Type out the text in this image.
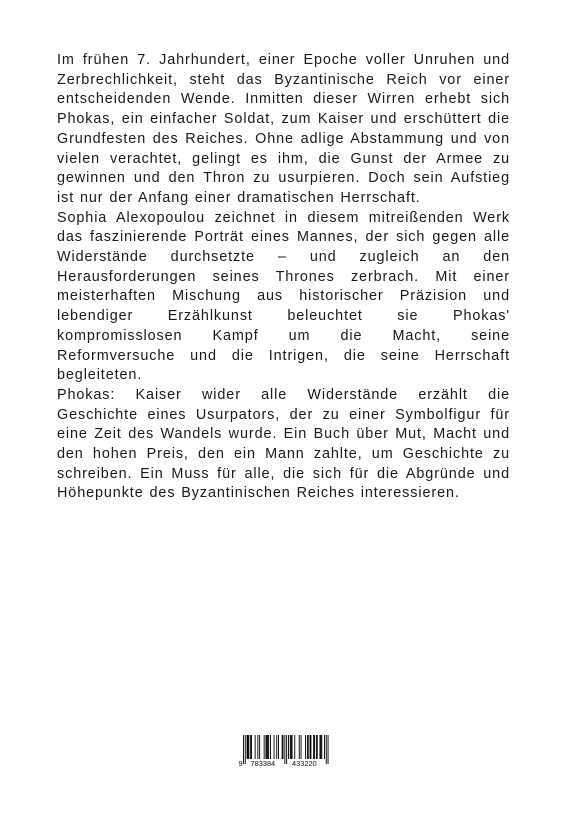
Im frühen 7. Jahrhundert, einer Epoche voller Unruhen und Zerbrechlichkeit, steht das Byzantinische Reich vor einer entscheidenden Wende. Inmitten dieser Wirren erhebt sich Phokas, ein einfacher Soldat, zum Kaiser und erschüttert die Grundfesten des Reiches. Ohne adlige Abstammung und von vielen verachtet, gelingt es ihm, die Gunst der Armee zu gewinnen und den Thron zu usurpieren. Doch sein Aufstieg ist nur der Anfang einer dramatischen Herrschaft.

Sophia Alexopoulou zeichnet in diesem mitreißenden Werk das faszinierende Porträt eines Mannes, der sich gegen alle Widerstände durchsetzte – und zugleich an den Herausforderungen seines Thrones zerbrach. Mit einer meisterhaften Mischung aus historischer Präzision und lebendiger Erzählkunst beleuchtet sie Phokas' kompromisslosen Kampf um die Macht, seine Reformversuche und die Intrigen, die seine Herrschaft begleiteten.

Phokas: Kaiser wider alle Widerstände erzählt die Geschichte eines Usurpators, der zu einer Symbolfigur für eine Zeit des Wandels wurde. Ein Buch über Mut, Macht und den hohen Preis, den ein Mann zahlte, um Geschichte zu schreiben. Ein Muss für alle, die sich für die Abgründe und Höhepunkte des Byzantinischen Reiches interessieren.

9 783384 433220
